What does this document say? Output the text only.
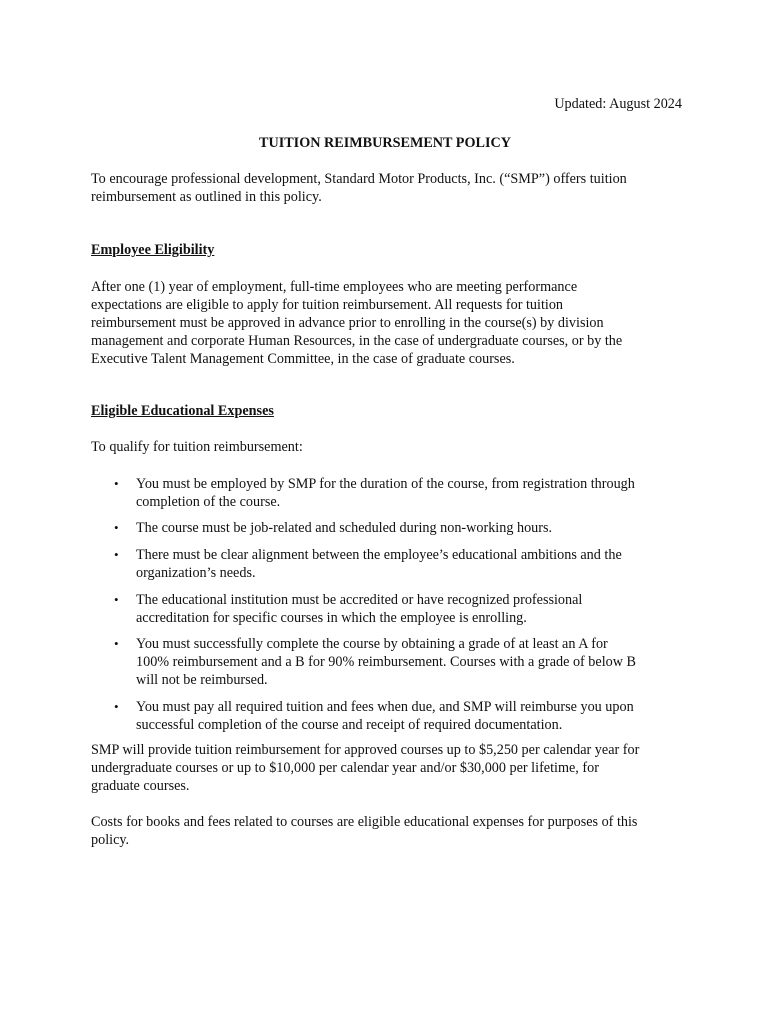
Updated: August 2024
TUITION REIMBURSEMENT POLICY

To encourage professional development, Standard Motor Products, Inc. (“SMP”) offers tuition
reimbursement as outlined in this policy.

Employee Eligibility

After one (1) year of employment, full-time employees who are meeting performance
expectations are eligible to apply for tuition reimbursement. All requests for tuition
reimbursement must be approved in advance prior to enrolling in the course(s) by division
management and corporate Human Resources, in the case of undergraduate courses, or by the
Executive Talent Management Committee, in the case of graduate courses.

Eligible Educational Expenses

To qualify for tuition reimbursement:

• You must be employed by SMP for the duration of the course, from registration through
completion of the course.
• The course must be job-related and scheduled during non-working hours.
• There must be clear alignment between the employee’s educational ambitions and the
organization’s needs.
• The educational institution must be accredited or have recognized professional
accreditation for specific courses in which the employee is enrolling.
• You must successfully complete the course by obtaining a grade of at least an A for
100% reimbursement and a B for 90% reimbursement. Courses with a grade of below B
will not be reimbursed.
• You must pay all required tuition and fees when due, and SMP will reimburse you upon
successful completion of the course and receipt of required documentation.

SMP will provide tuition reimbursement for approved courses up to $5,250 per calendar year for
undergraduate courses or up to $10,000 per calendar year and/or $30,000 per lifetime, for
graduate courses.

Costs for books and fees related to courses are eligible educational expenses for purposes of this
policy.
